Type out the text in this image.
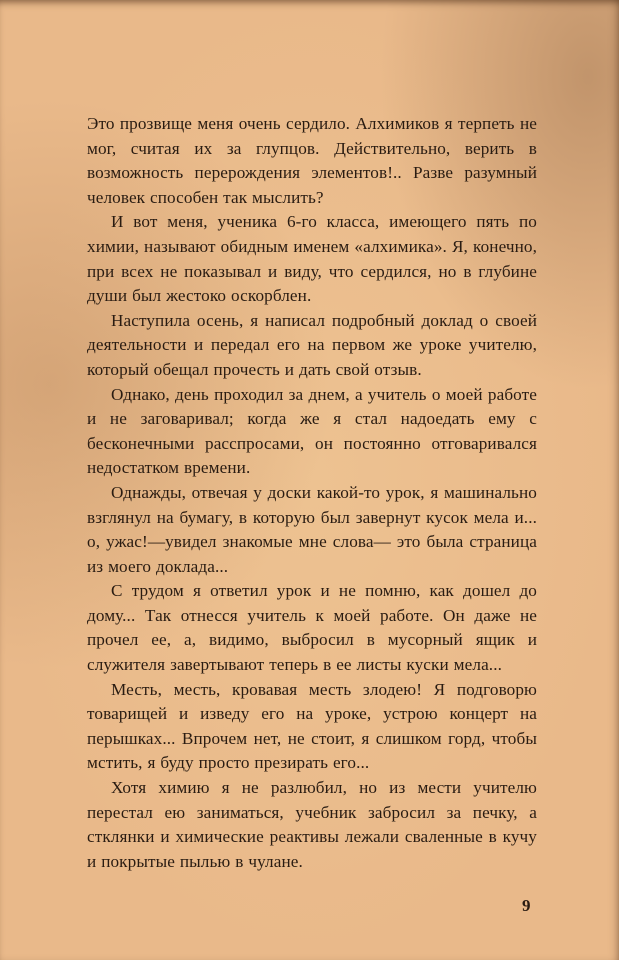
Это прозвище меня очень сердило. Алхимиков я терпеть не мог, считая их за глупцов. Действительно, верить в возможность перерождения элементов!.. Разве разумный человек способен так мыслить?

И вот меня, ученика 6-го класса, имеющего пять по химии, называют обидным именем «алхимика». Я, конечно, при всех не показывал и виду, что сердился, но в глубине души был жестоко оскорблен.

Наступила осень, я написал подробный доклад о своей деятельности и передал его на первом же уроке учителю, который обещал прочесть и дать свой отзыв.

Однако, день проходил за днем, а учитель о моей работе и не заговаривал; когда же я стал надоедать ему с бесконечными расспросами, он постоянно отговаривался недостатком времени.

Однажды, отвечая у доски какой-то урок, я машинально взглянул на бумагу, в которую был завернут кусок мела и... о, ужас!—увидел знакомые мне слова— это была страница из моего доклада...

С трудом я ответил урок и не помню, как дошел до дому... Так отнесся учитель к моей работе. Он даже не прочел ее, а, видимо, выбросил в мусорный ящик и служителя завертывают теперь в ее листы куски мела...

Месть, месть, кровавая месть злодею! Я подговорю товарищей и изведу его на уроке, устрою концерт на перышках... Впрочем нет, не стоит, я слишком горд, чтобы мстить, я буду просто презирать его...

Хотя химию я не разлюбил, но из мести учителю перестал ею заниматься, учебник забросил за печку, а стклянки и химические реактивы лежали сваленные в кучу и покрытые пылью в чулане.

9
